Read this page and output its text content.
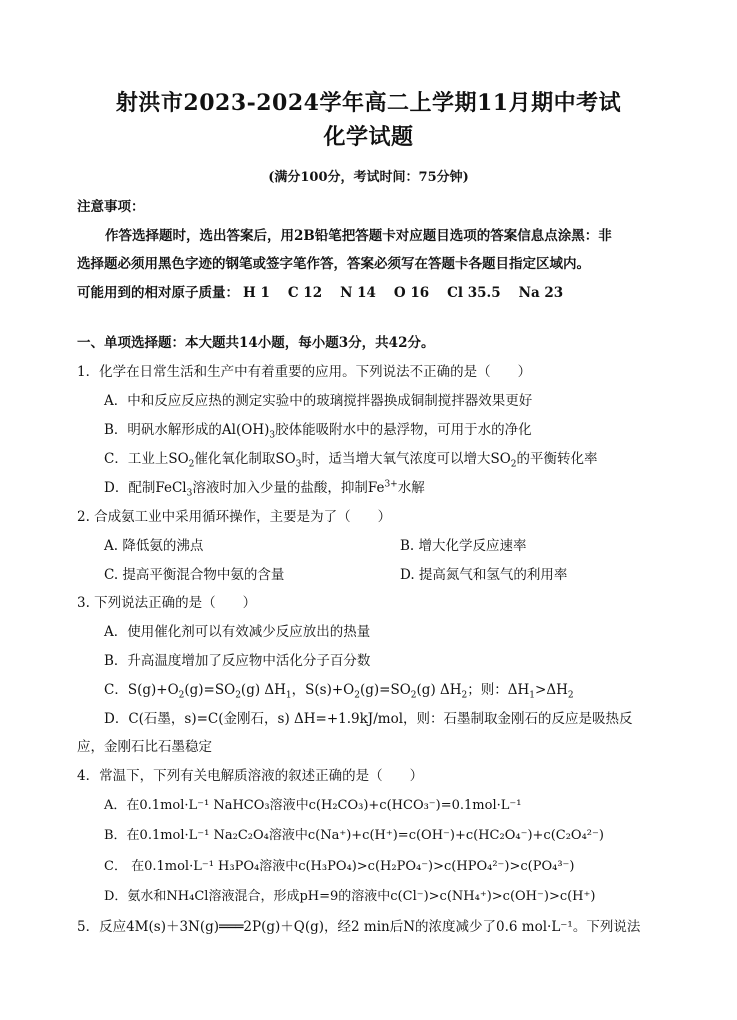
射洪市2023-2024学年高二上学期11月期中考试
化学试题
(满分100分，考试时间：75分钟)
注意事项：
作答选择题时，选出答案后，用2B铅笔把答题卡对应题目选项的答案信息点涂黑：非
选择题必须用黑色字迹的钢笔或签字笔作答，答案必须写在答题卡各题目指定区域内。
可能用到的相对原子质量： H 1 C 12 N 14 O 16 Cl 35.5 Na 23
一、单项选择题：本大题共14小题，每小题3分，共42分。
1．化学在日常生活和生产中有着重要的应用。下列说法不正确的是（　　）
A．中和反应反应热的测定实验中的玻璃搅拌器换成铜制搅拌器效果更好
B．明矾水解形成的$Al(OH)_3$胶体能吸附水中的悬浮物，可用于水的净化
C．工业上$SO_2$催化氧化制取$SO_3$时，适当增大氧气浓度可以增大$SO_2$的平衡转化率
D．配制FeCl$_3$溶液时加入少量的盐酸，抑制$Fe^{3+}$水解
2. 合成氨工业中采用循环操作，主要是为了（　　）
A. 降低氨的沸点	B. 增大化学反应速率
C. 提高平衡混合物中氨的含量	D. 提高氮气和氢气的利用率
3. 下列说法正确的是（　　）
A．使用催化剂可以有效减少反应放出的热量
B．升高温度增加了反应物中活化分子百分数
C．$S(g)+O_2(g)=SO_2(g)$ $\Delta H_1$，$S(s)+O_2(g)=SO_2(g)$ $\Delta H_2$；则：$\Delta H_1>\Delta H_2$
D．C(石墨，s)=C(金刚石，s) ΔH=+1.9kJ/mol，则：石墨制取金刚石的反应是吸热反
应，金刚石比石墨稳定
4．常温下，下列有关电解质溶液的叙述正确的是（　　）
A．在0.1mol·L⁻¹ NaHCO₃溶液中c(H₂CO₃)+c(HCO₃⁻)=0.1mol·L⁻¹
B．在0.1mol·L⁻¹ Na₂C₂O₄溶液中c(Na⁺)+c(H⁺)=c(OH⁻)+c(HC₂O₄⁻)+c(C₂O₄²⁻)
C． 在0.1mol·L⁻¹ H₃PO₄溶液中c(H₃PO₄)>c(H₂PO₄⁻)>c(HPO₄²⁻)>c(PO₄³⁻)
D．氨水和NH₄Cl溶液混合，形成pH=9的溶液中c(Cl⁻)>c(NH₄⁺)>c(OH⁻)>c(H⁺)
5．反应4M(s)＋3N(g)═══2P(g)＋Q(g)，经2 min后N的浓度减少了0.6 mol·L⁻¹。下列说法
